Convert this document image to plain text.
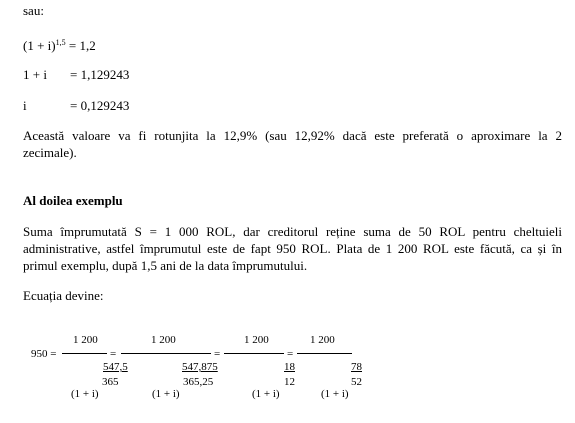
sau:
$(1 + i)^{1,5} = 1,2$
1 + i = 1,129243
i	= 0,129243
Această valoare va fi rotunjita la 12,9% (sau 12,92% dacă este preferată o aproximare la 2
zecimale).
Al doilea exemplu
Suma împrumutată S = 1 000 ROL, dar creditorul reține suma de 50 ROL pentru cheltuieli
administrative, astfel împrumutul este de fapt 950 ROL. Plata de 1 200 ROL este făcută, ca și în
primul exemplu, după 1,5 ani de la data împrumutului.
Ecuația devine:
950 =
1 200
547,5
365
(1 + i)
=
1 200
547,875
365,25
(1 + i)
=
1 200
18
12
(1 + i)
=
1 200
78
52
(1 + i)
